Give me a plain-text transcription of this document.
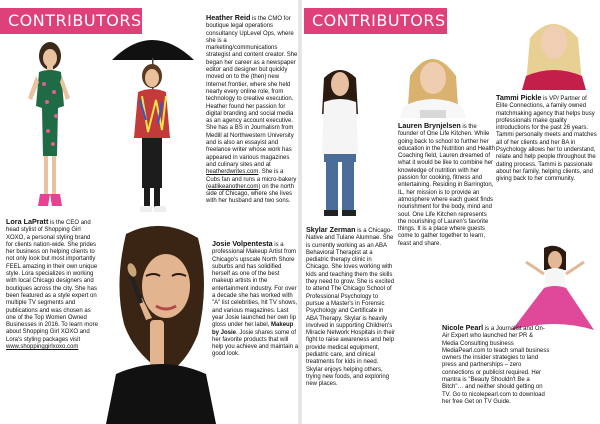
CONTRIBUTORS	Heather Reid is the CMO for boutique legal operations consultancy UpLevel Ops, where she is a marketing/communications strategist and content creator. She began her career as a newspaper editor and designer but quickly moved on to the (then) new Internet frontier, where she held nearly every online role, from technology to creative execution. Heather found her passion for digital branding and social media as an agency account executive. She has a BS in Journalism from Medill at Northwestern University and is also an essayist and freelance writer whose work has appeared in various magazines and culinary sites and at heatherdwrites.com. She is a Cubs fan and runs a micro-bakery (eatlikeanother.com) on the north side of Chicago, where she lives with her husband and two sons.
Lora LaPratt is the CEO and head stylist of Shopping Girl XOXO, a personal styling brand for clients nation-wide. She prides her business on helping clients to not only look but most importantly FEEL amazing in their own unique style. Lora specializes in working with local Chicago designers and boutiques across the city. She has been featured as a style expert on multiple TV segments and publications and was chosen as one of the Top Women Owned Businesses in 2016. To learn more about Shopping Girl XOXO and Lora's styling packages visit www.shoppinggirlxoxo.com
Josie Volpentesta is a professional Makeup Artist from Chicago's upscale North Shore suburbs and has solidified herself as one of the best makeup artists in the entertainment industry. For over a decade she has worked with "A" list celebrities, hit TV shows, and various magazines. Last year Josie launched her own lip gloss under her label, Makeup by Josie. Josie shares some of her favorite products that will help you achieve and maintain a good look.
CONTRIBUTORS
Tammi Pickle is VP/ Partner of Elite Connections, a family owned matchmaking agency that helps busy professionals make quality introductions for the past 26 years. Tammi personally meets and matches all of her clients and her BA in Psychology allows her to understand, relate and help people throughout the dating process. Tammi is passionate about her family, helping clients, and giving back to her community.
Lauren Brynjelsen is the founder of One Life Kitchen. While going back to school to further her education in the Nutrition and Health Coaching field, Lauren dreamed of what it would be like to combine her knowledge of nutrition with her passion for cooking, fitness and entertaining. Residing in Barrington, IL, her mission is to provide an atmosphere where each guest finds nourishment for the body, mind and soul. One Life Kitchen represents the nourishing of Lauren's favorite things. It is a place where guests come to gather together to learn, feast and share.
Skylar Zerman is a Chicago-Native and Tulane Alumnae. She is currently working as an ABA Behavioral Therapist at a pediatric therapy clinic in Chicago. She loves working with kids and teaching them the skills they need to grow. She is excited to attend The Chicago School of Professional Psychology to pursue a Master's in Forensic Psychology and Certificate in ABA Therapy. Skylar is heavily involved in supporting Children's Miracle Network Hospitals in their fight to raise awareness and help provide medical equipment, pediatric care, and clinical treatments for kids in need. Skylar enjoys helping others, trying new foods, and exploring new places.
Nicole Pearl is a Journalist and On-Air Expert who launched her PR & Media Consulting business MediaPearl.com to teach small business owners the insider strategies to land press and partnerships – zero connections or publicist required. Her mantra is "Beauty Shouldn't Be a Bitch"… and neither should getting on TV. Go to nicolepearl.com to download her free Get on TV Guide.
